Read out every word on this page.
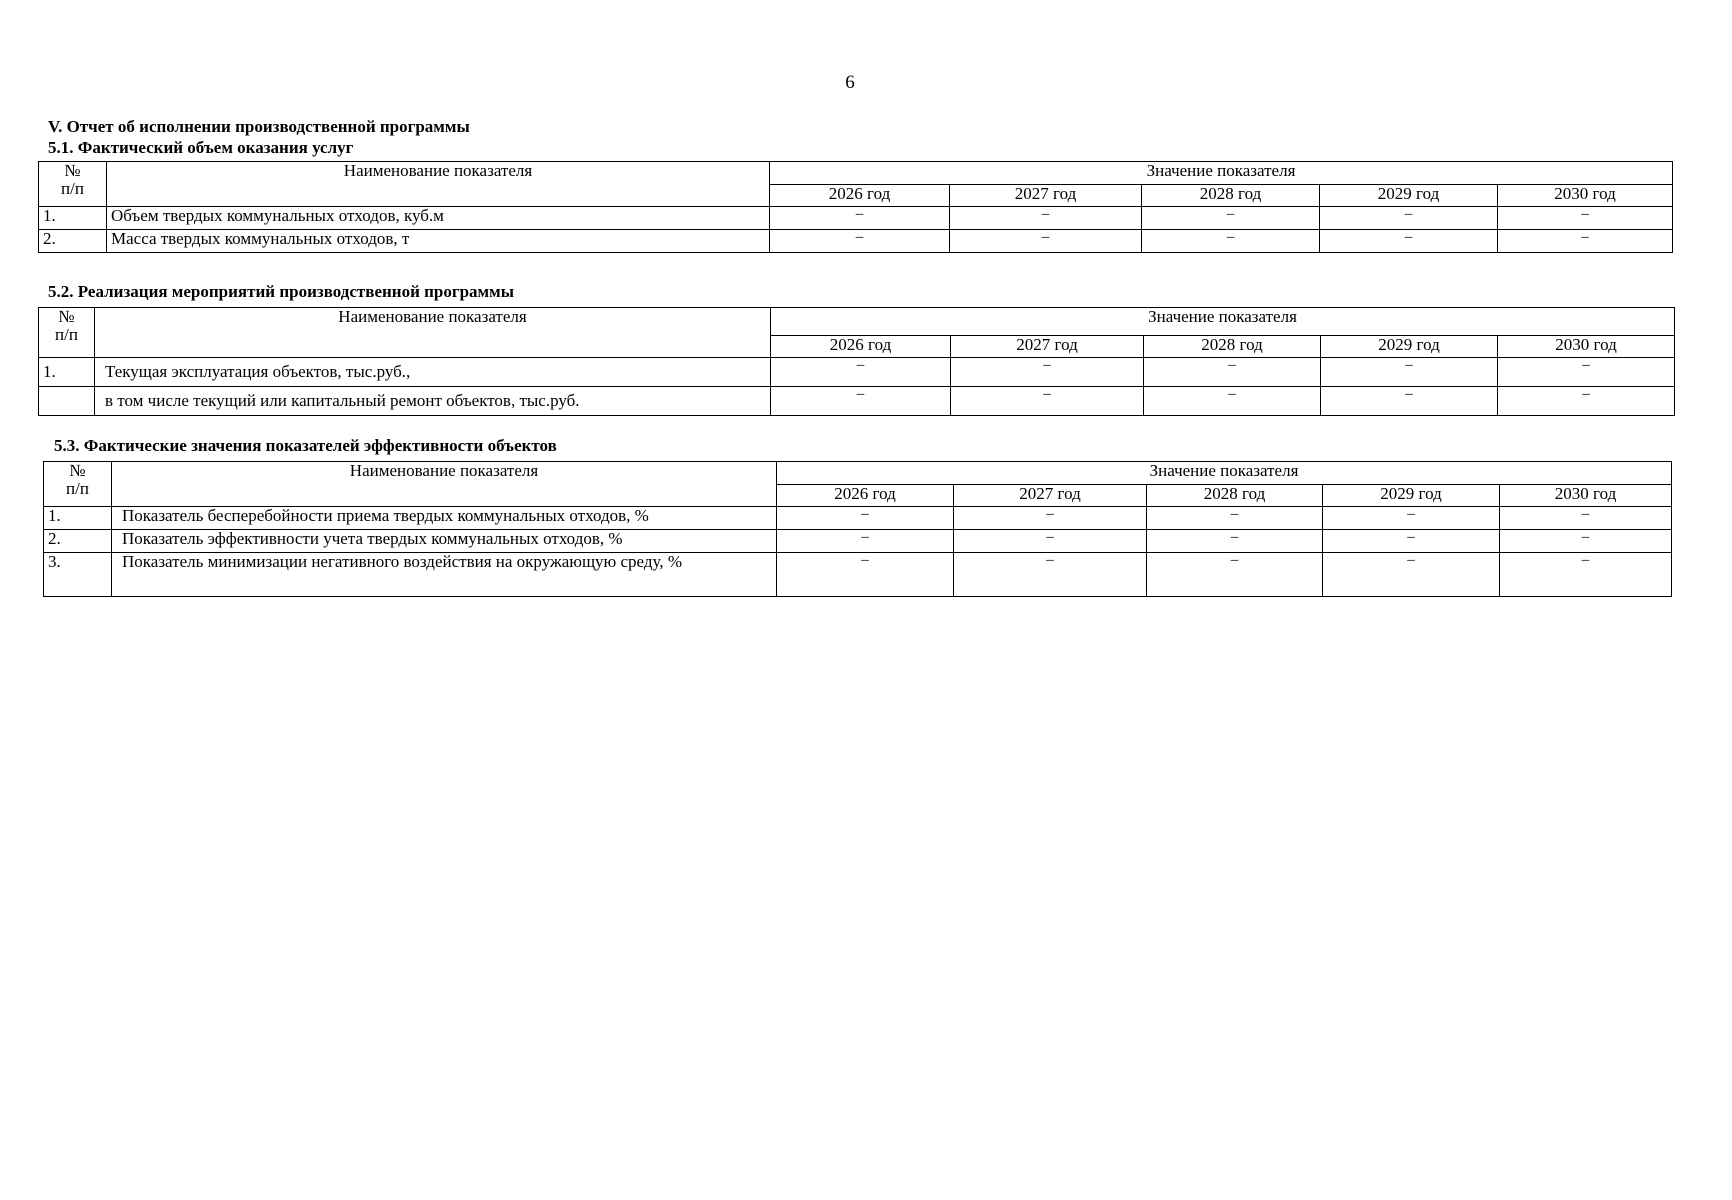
6
V. Отчет об исполнении производственной программы
5.1. Фактический объем оказания услуг
№
п/п	Наименование показателя	Значение показателя				
		2026 год	2027 год	2028 год	2029 год	2030 год
1.	Объем твердых коммунальных отходов, куб.м	–	–	–	–	–
2.	Масса твердых коммунальных отходов, т	–	–	–	–	–
5.2. Реализация мероприятий производственной программы
№
п/п	Наименование показателя	Значение показателя				
		2026 год	2027 год	2028 год	2029 год	2030 год
1.	Текущая эксплуатация объектов, тыс.руб.,	–	–	–	–	–
	в том числе текущий или капитальный ремонт объектов, тыс.руб.	–	–	–	–	–
5.3. Фактические значения показателей эффективности объектов
№
п/п	Наименование показателя	Значение показателя				
		2026 год	2027 год	2028 год	2029 год	2030 год
1.	Показатель бесперебойности приема твердых коммунальных отходов, %	–	–	–	–	–
2.	Показатель эффективности учета твердых коммунальных отходов, %	–	–	–	–	–
3.	Показатель минимизации негативного воздействия на окружающую среду, %	–	–	–	–	–
